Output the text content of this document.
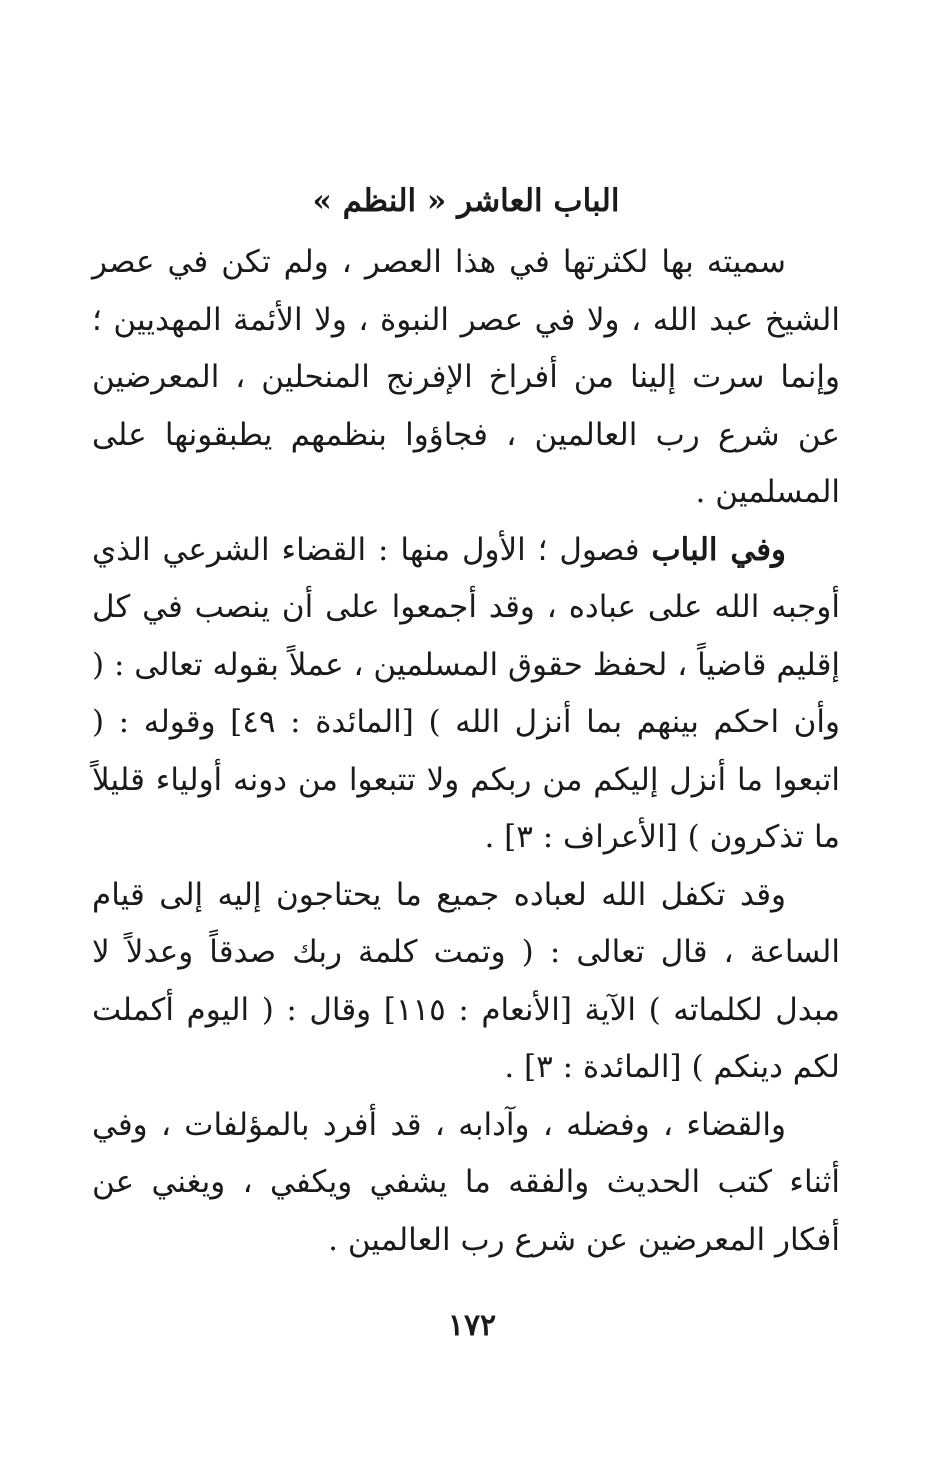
الباب العاشر « النظم »

سميته بها لكثرتها في هذا العصر ، ولم تكن في عصر الشيخ عبد الله ، ولا في عصر النبوة ، ولا الأئمة المهديين ؛ وإنما سرت إلينا من أفراخ الإفرنج المنحلين ، المعرضين عن شرع رب العالمين ، فجاؤوا بنظمهم يطبقونها على المسلمين .

وفي الباب فصول ؛ الأول منها : القضاء الشرعي الذي أوجبه الله على عباده ، وقد أجمعوا على أن ينصب في كل إقليم قاضياً ، لحفظ حقوق المسلمين ، عملاً بقوله تعالى : ( وأن احكم بينهم بما أنزل الله ) [المائدة : ٤٩] وقوله : ( اتبعوا ما أنزل إليكم من ربكم ولا تتبعوا من دونه أولياء قليلاً ما تذكرون ) [الأعراف : ٣] .

وقد تكفل الله لعباده جميع ما يحتاجون إليه إلى قيام الساعة ، قال تعالى : ( وتمت كلمة ربك صدقاً وعدلاً لا مبدل لكلماته ) الآية [الأنعام : ١١٥] وقال : ( اليوم أكملت لكم دينكم ) [المائدة : ٣] .

والقضاء ، وفضله ، وآدابه ، قد أفرد بالمؤلفات ، وفي أثناء كتب الحديث والفقه ما يشفي ويكفي ، ويغني عن أفكار المعرضين عن شرع رب العالمين .

١٧٢
